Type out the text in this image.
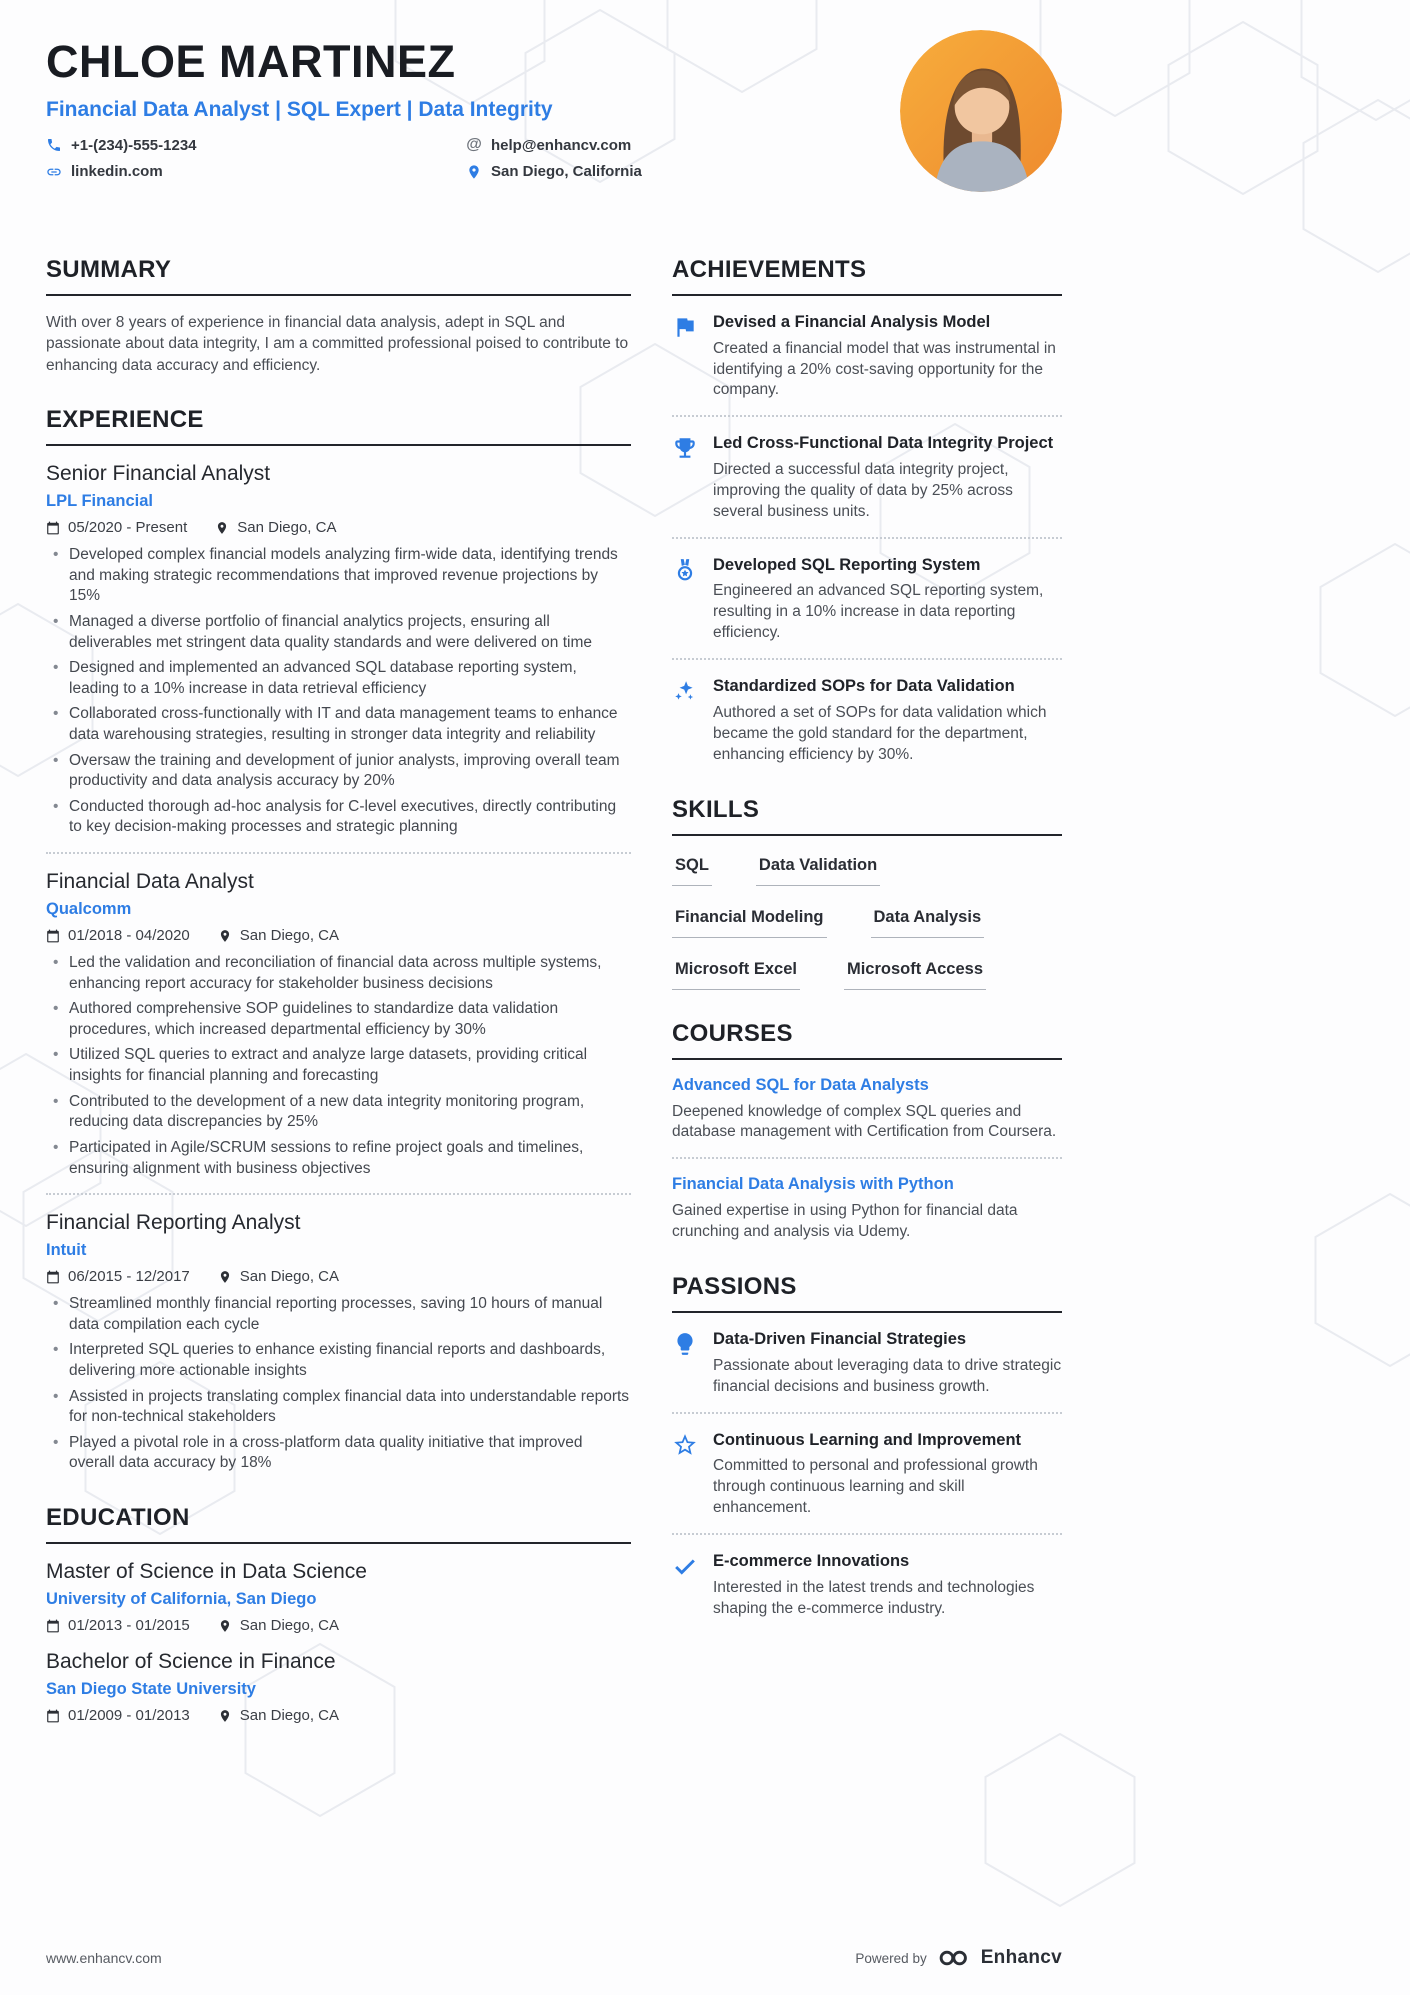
CHLOE MARTINEZ
Financial Data Analyst | SQL Expert | Data Integrity
+1-(234)-555-1234	@ help@enhancv.com
linkedin.com	San Diego, California
SUMMARY

With over 8 years of experience in financial data analysis, adept in SQL and passionate about data integrity, I am a committed professional poised to contribute to enhancing data accuracy and efficiency.

EXPERIENCE
Senior Financial Analyst
LPL Financial
05/2020 - Present	San Diego, CA
• Developed complex financial models analyzing firm-wide data, identifying trends and making strategic recommendations that improved revenue projections by 15%
• Managed a diverse portfolio of financial analytics projects, ensuring all deliverables met stringent data quality standards and were delivered on time
• Designed and implemented an advanced SQL database reporting system, leading to a 10% increase in data retrieval efficiency
• Collaborated cross-functionally with IT and data management teams to enhance data warehousing strategies, resulting in stronger data integrity and reliability
• Oversaw the training and development of junior analysts, improving overall team productivity and data analysis accuracy by 20%
• Conducted thorough ad-hoc analysis for C-level executives, directly contributing to key decision-making processes and strategic planning
Financial Data Analyst
Qualcomm
01/2018 - 04/2020	San Diego, CA
• Led the validation and reconciliation of financial data across multiple systems, enhancing report accuracy for stakeholder business decisions
• Authored comprehensive SOP guidelines to standardize data validation procedures, which increased departmental efficiency by 30%
• Utilized SQL queries to extract and analyze large datasets, providing critical insights for financial planning and forecasting
• Contributed to the development of a new data integrity monitoring program, reducing data discrepancies by 25%
• Participated in Agile/SCRUM sessions to refine project goals and timelines, ensuring alignment with business objectives
Financial Reporting Analyst
Intuit
06/2015 - 12/2017	San Diego, CA
• Streamlined monthly financial reporting processes, saving 10 hours of manual data compilation each cycle
• Interpreted SQL queries to enhance existing financial reports and dashboards, delivering more actionable insights
• Assisted in projects translating complex financial data into understandable reports for non-technical stakeholders
• Played a pivotal role in a cross-platform data quality initiative that improved overall data accuracy by 18%
EDUCATION
Master of Science in Data Science
University of California, San Diego
01/2013 - 01/2015	San Diego, CA
Bachelor of Science in Finance
San Diego State University
01/2009 - 01/2013	San Diego, CA
ACHIEVEMENTS
Devised a Financial Analysis Model
Created a financial model that was instrumental in identifying a 20% cost-saving opportunity for the company.
Led Cross-Functional Data Integrity Project
Directed a successful data integrity project, improving the quality of data by 25% across several business units.
Developed SQL Reporting System
Engineered an advanced SQL reporting system, resulting in a 10% increase in data reporting efficiency.
Standardized SOPs for Data Validation
Authored a set of SOPs for data validation which became the gold standard for the department, enhancing efficiency by 30%.
SKILLS
SQL	Data Validation
Financial Modeling	Data Analysis
Microsoft Excel	Microsoft Access
COURSES
Advanced SQL for Data Analysts
Deepened knowledge of complex SQL queries and database management with Certification from Coursera.
Financial Data Analysis with Python
Gained expertise in using Python for financial data crunching and analysis via Udemy.
PASSIONS
Data-Driven Financial Strategies
Passionate about leveraging data to drive strategic financial decisions and business growth.
Continuous Learning and Improvement
Committed to personal and professional growth through continuous learning and skill enhancement.
E-commerce Innovations
Interested in the latest trends and technologies shaping the e-commerce industry.
www.enhancv.com	Powered by	Enhancv
